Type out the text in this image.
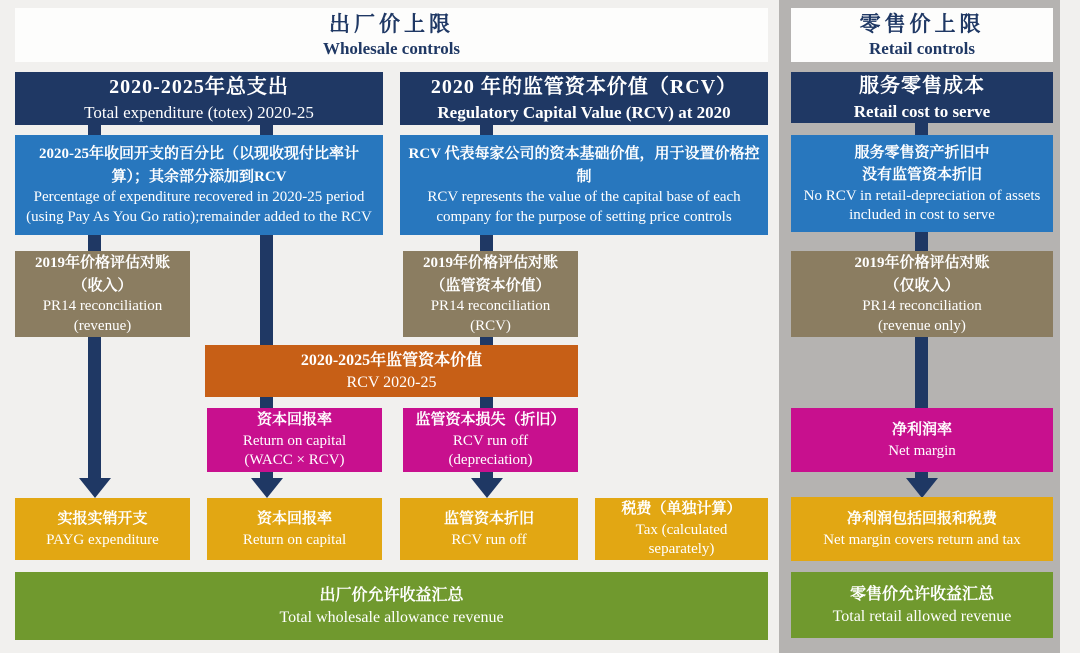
出厂价上限
Wholesale controls
2020-2025年总支出
Total expenditure (totex) 2020-25
2020 年的监管资本价值（RCV）
Regulatory Capital Value (RCV) at 2020
2020-25年收回开支的百分比（以现收现付比率计算）；其余部分添加到RCV
Percentage of expenditure recovered in 2020-25 period (using Pay As You Go ratio);remainder added to the RCV
RCV 代表每家公司的资本基础价值，用于设置价格控制
RCV represents the value of the capital base of each company for the purpose of setting price controls
2019年价格评估对账
（收入）
PR14 reconciliation
(revenue)
2019年价格评估对账
（监管资本价值）
PR14 reconciliation
(RCV)
2020-2025年监管资本价值
RCV 2020-25
资本回报率
Return on capital
(WACC × RCV)
监管资本损失（折旧）
RCV run off
(depreciation)
实报实销开支
PAYG expenditure
资本回报率
Return on capital
监管资本折旧
RCV run off
税费（单独计算）
Tax (calculated separately)
出厂价允许收益汇总
Total wholesale allowance revenue
零售价上限
Retail controls
服务零售成本
Retail cost to serve
服务零售资产折旧中
没有监管资本折旧
No RCV in retail-depreciation of assets included in cost to serve
2019年价格评估对账
（仅收入）
PR14 reconciliation
(revenue only)
净利润率
Net margin
净利润包括回报和税费
Net margin covers return and tax
零售价允许收益汇总
Total retail allowed revenue
